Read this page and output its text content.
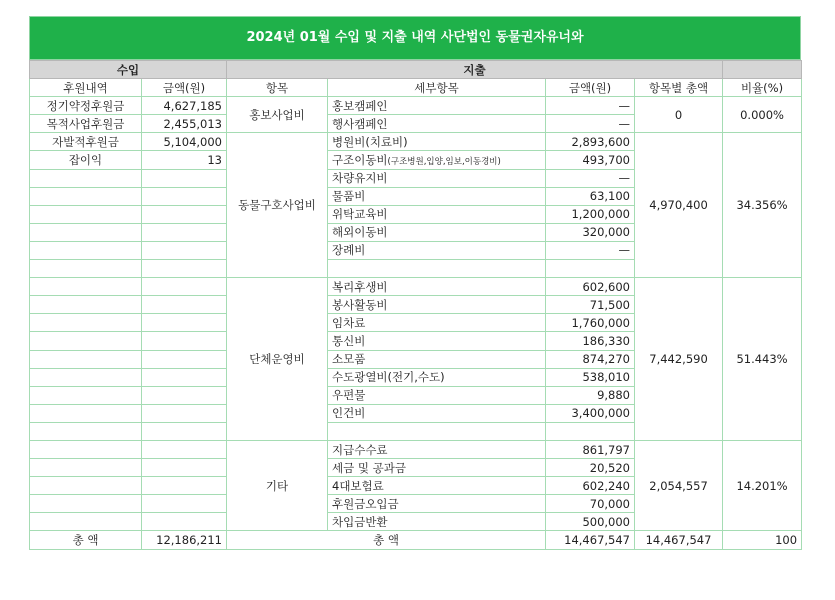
2024년 01월 수입 및 지출 내역 사단법인 동물권자유너와
수입		지출				
후원내역	금액(원)	항목	세부항목	금액(원)	항목별 총액	비율(%)
정기약정후원금	4,627,185	홍보사업비	홍보캠페인	—	0	0.000%
목적사업후원금	2,455,013		행사캠페인	—		
자발적후원금	5,104,000	동물구호사업비	병원비(치료비)	2,893,600	4,970,400	34.356%
잡이익	13		구조이동비(구조병원,입양,임보,이동경비)	493,700		
			차량유지비	—		
			물품비	63,100		
			위탁교육비	1,200,000		
			해외이동비	320,000		
			장례비	—		

		단체운영비	복리후생비	602,600	7,442,590	51.443%
			봉사활동비	71,500		
			임차료	1,760,000		
			통신비	186,330		
			소모품	874,270		
			수도광열비(전기,수도)	538,010		
			우편물	9,880		
			인건비	3,400,000		

		기타	지급수수료	861,797	2,054,557	14.201%
			세금 및 공과금	20,520		
			4대보험료	602,240		
			후원금오입금	70,000		
			차입금반환	500,000		
총 액	12,186,211	총 액		14,467,547	14,467,547	100
